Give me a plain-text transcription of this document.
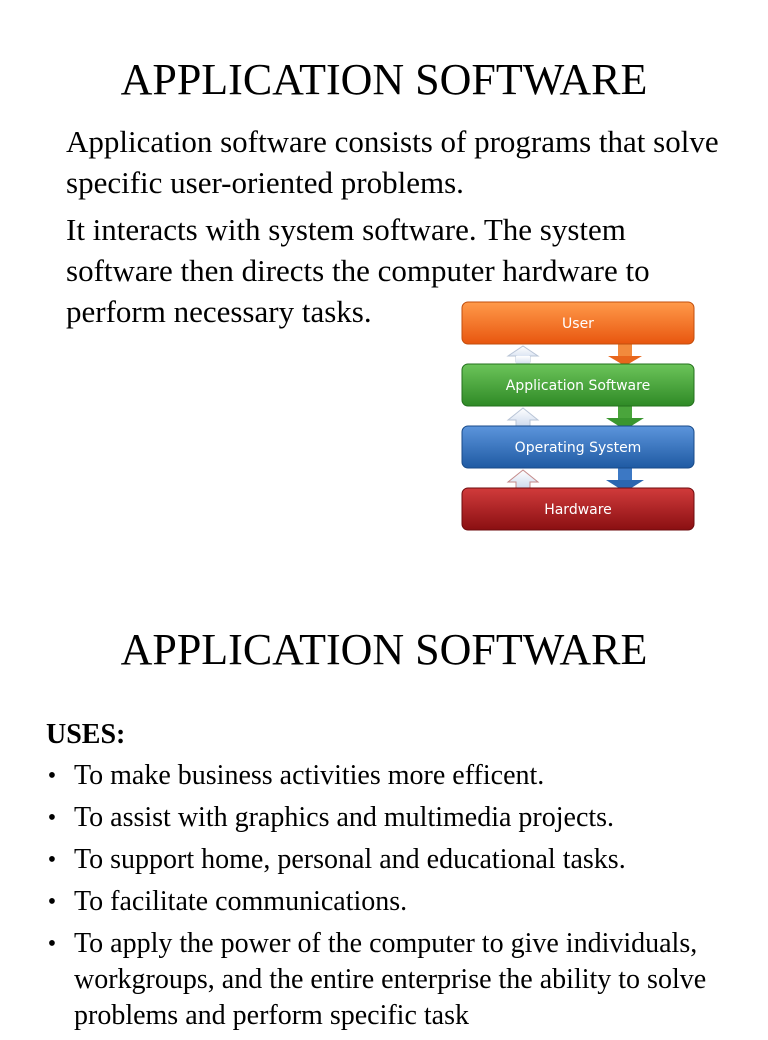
APPLICATION SOFTWARE

Application software consists of programs that solve specific user-oriented problems.

It interacts with system software. The system software then directs the computer hardware to perform necessary tasks.	User
Application Software
Operating System
Hardware
APPLICATION SOFTWARE

USES:

• To make business activities more efficent.
• To assist with graphics and multimedia projects.
• To support home, personal and educational tasks.
• To facilitate communications.
• To apply the power of the computer to give individuals, workgroups, and the entire enterprise the ability to solve problems and perform specific task
